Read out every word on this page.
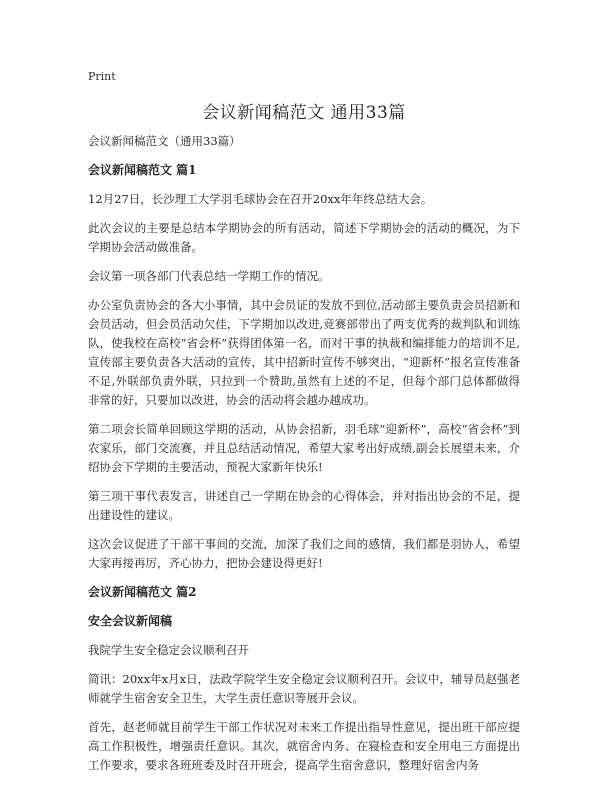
Print
会议新闻稿范文 通用33篇

会议新闻稿范文（通用33篇）

会议新闻稿范文 篇1

12月27日，长沙理工大学羽毛球协会在召开20xx年年终总结大会。

此次会议的主要是总结本学期协会的所有活动，简述下学期协会的活动的概况，为下学期协会活动做准备。

会议第一项各部门代表总结一学期工作的情况。

办公室负责协会的各大小事情，其中会员证的发放不到位,活动部主要负责会员招新和会员活动，但会员活动欠佳，下学期加以改进,竞赛部带出了两支优秀的裁判队和训练队，使我校在高校“省会杯”获得团体第一名，而对干事的执裁和编排能力的培训不足,宣传部主要负责各大活动的宣传，其中招新时宣传不够突出，“迎新杯”报名宣传准备不足,外联部负责外联，只拉到一个赞助,虽然有上述的不足，但每个部门总体都做得非常的好，只要加以改进，协会的活动将会越办越成功。

第二项会长简单回顾这学期的活动，从协会招新，羽毛球“迎新杯”，高校“省会杯”到农家乐，部门交流赛，并且总结活动情况，希望大家考出好成绩,副会长展望未来，介绍协会下学期的主要活动，预祝大家新年快乐!

第三项干事代表发言，讲述自己一学期在协会的心得体会，并对指出协会的不足，提出建设性的建议。

这次会议促进了干部干事间的交流，加深了我们之间的感情，我们都是羽协人，希望大家再接再厉，齐心协力，把协会建设得更好!

会议新闻稿范文 篇2
安全会议新闻稿

我院学生安全稳定会议顺利召开

简讯：20xx年x月x日，法政学院学生安全稳定会议顺利召开。会议中，辅导员赵强老师就学生宿舍安全卫生，大学生责任意识等展开会议。

首先，赵老师就目前学生干部工作状况对未来工作提出指导性意见，提出班干部应提高工作积极性，增强责任意识。其次，就宿舍内务、在寝检查和安全用电三方面提出工作要求，要求各班班委及时召开班会，提高学生宿舍意识，整理好宿舍内务
